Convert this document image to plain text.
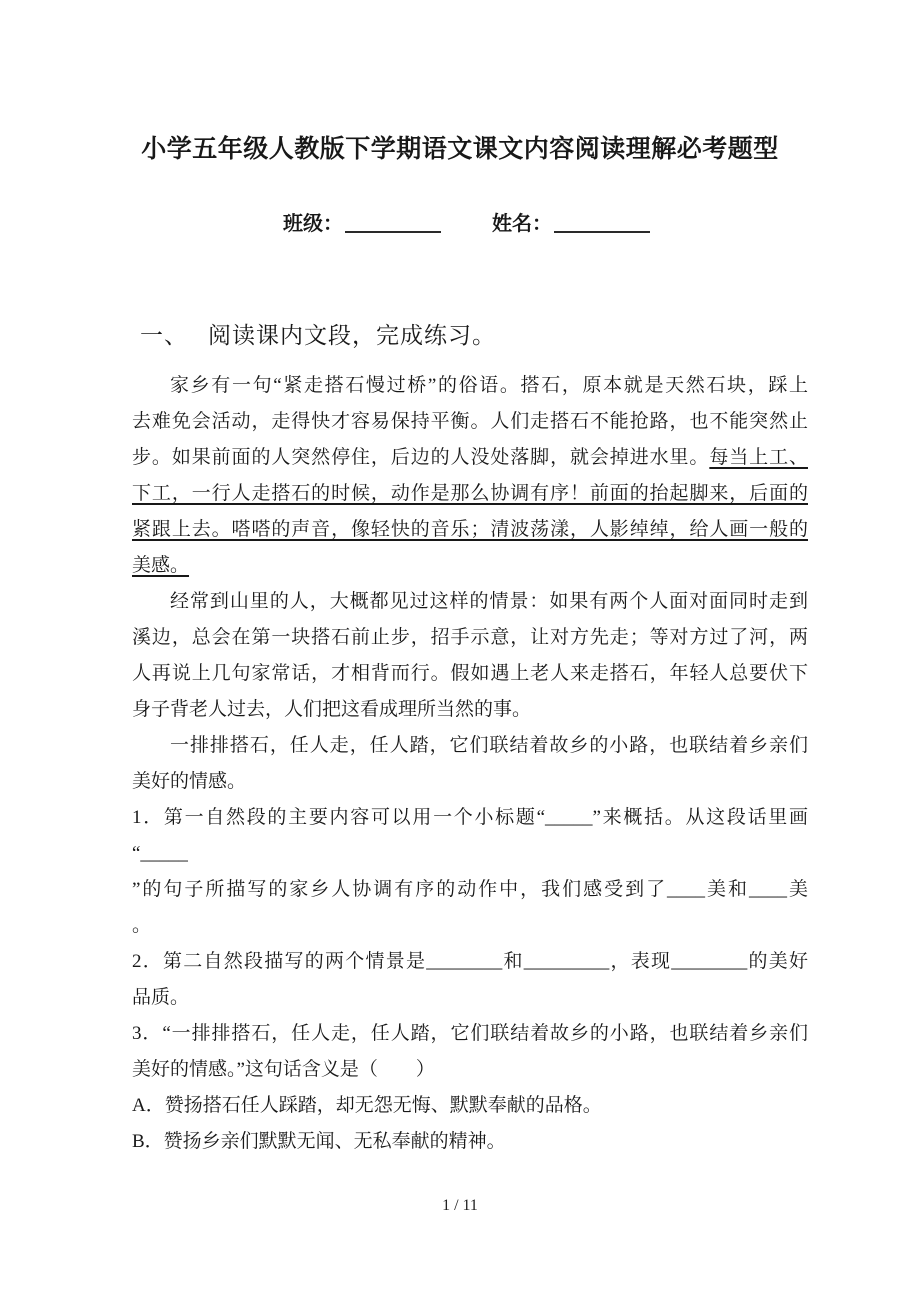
小学五年级人教版下学期语文课文内容阅读理解必考题型
班级：	姓名：
一、 阅读课内文段，完成练习。
家乡有一句“紧走搭石慢过桥”的俗语。搭石，原本就是天然石块，踩上
去难免会活动，走得快才容易保持平衡。人们走搭石不能抢路，也不能突然止
步。如果前面的人突然停住，后边的人没处落脚，就会掉进水里。每当上工、
下工，一行人走搭石的时候，动作是那么协调有序！前面的抬起脚来，后面的
紧跟上去。嗒嗒的声音，像轻快的音乐；清波荡漾，人影绰绰，给人画一般的
美感。
经常到山里的人，大概都见过这样的情景：如果有两个人面对面同时走到
溪边，总会在第一块搭石前止步，招手示意，让对方先走；等对方过了河，两
人再说上几句家常话，才相背而行。假如遇上老人来走搭石，年轻人总要伏下
身子背老人过去，人们把这看成理所当然的事。
一排排搭石，任人走，任人踏，它们联结着故乡的小路，也联结着乡亲们
美好的情感。
1．第一自然段的主要内容可以用一个小标题“_____”来概括。从这段话里画
“_____
”的句子所描写的家乡人协调有序的动作中，我们感受到了____美和____美
。
2．第二自然段描写的两个情景是________和_________，表现________的美好
品质。
3．“一排排搭石，任人走，任人踏，它们联结着故乡的小路，也联结着乡亲们
美好的情感。”这句话含义是（　　）
A．赞扬搭石任人踩踏，却无怨无悔、默默奉献的品格。
B．赞扬乡亲们默默无闻、无私奉献的精神。
1 / 11
